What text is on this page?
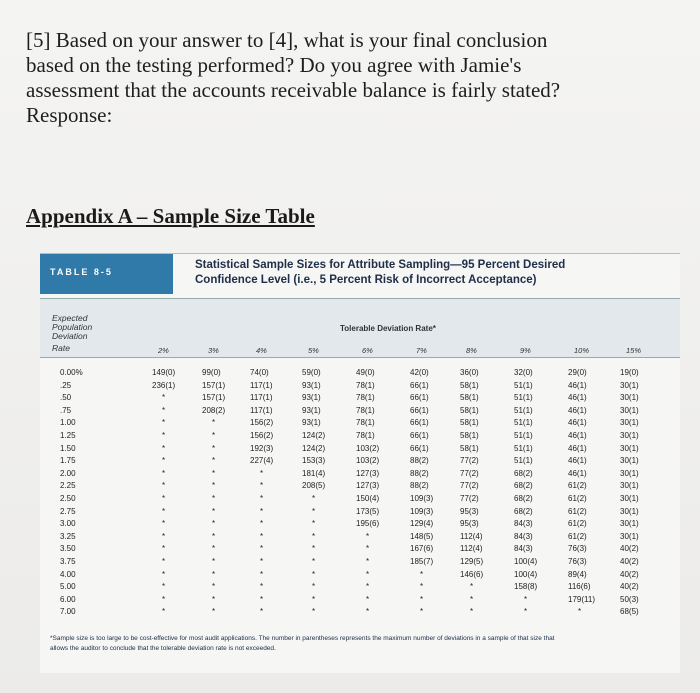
[5] Based on your answer to [4], what is your final conclusion
based on the testing performed? Do you agree with Jamie's
assessment that the accounts receivable balance is fairly stated?
Response:
Appendix A – Sample Size Table
TABLE 8-5
Statistical Sample Sizes for Attribute Sampling—95 Percent Desired
Confidence Level (i.e., 5 Percent Risk of Incorrect Acceptance)
Expected
Population
Deviation
Rate
Tolerable Deviation Rate*
*Sample size is too large to be cost-effective for most audit applications. The number in parentheses represents the maximum number of deviations in a sample of that size that
allows the auditor to conclude that the tolerable deviation rate is not exceeded.
2%	3%	4%	5%	6%	7%	8%	9%	10%	15%
0.00%	149(0)	99(0)	74(0)	59(0)	49(0)	42(0)	36(0)	32(0)	29(0)	19(0)
.25	236(1)	157(1)	117(1)	93(1)	78(1)	66(1)	58(1)	51(1)	46(1)	30(1)
.50	*	157(1)	117(1)	93(1)	78(1)	66(1)	58(1)	51(1)	46(1)	30(1)
.75	*	208(2)	117(1)	93(1)	78(1)	66(1)	58(1)	51(1)	46(1)	30(1)
1.00	*	*	156(2)	93(1)	78(1)	66(1)	58(1)	51(1)	46(1)	30(1)
1.25	*	*	156(2)	124(2)	78(1)	66(1)	58(1)	51(1)	46(1)	30(1)
1.50	*	*	192(3)	124(2)	103(2)	66(1)	58(1)	51(1)	46(1)	30(1)
1.75	*	*	227(4)	153(3)	103(2)	88(2)	77(2)	51(1)	46(1)	30(1)
2.00	*	*	*	181(4)	127(3)	88(2)	77(2)	68(2)	46(1)	30(1)
2.25	*	*	*	208(5)	127(3)	88(2)	77(2)	68(2)	61(2)	30(1)
2.50	*	*	*	*	150(4)	109(3)	77(2)	68(2)	61(2)	30(1)
2.75	*	*	*	*	173(5)	109(3)	95(3)	68(2)	61(2)	30(1)
3.00	*	*	*	*	195(6)	129(4)	95(3)	84(3)	61(2)	30(1)
3.25	*	*	*	*	*	148(5)	112(4)	84(3)	61(2)	30(1)
3.50	*	*	*	*	*	167(6)	112(4)	84(3)	76(3)	40(2)
3.75	*	*	*	*	*	185(7)	129(5)	100(4)	76(3)	40(2)
4.00	*	*	*	*	*	*	146(6)	100(4)	89(4)	40(2)
5.00	*	*	*	*	*	*	*	158(8)	116(6)	40(2)
6.00	*	*	*	*	*	*	*	*	179(11)	50(3)
7.00	*	*	*	*	*	*	*	*	*	68(5)
